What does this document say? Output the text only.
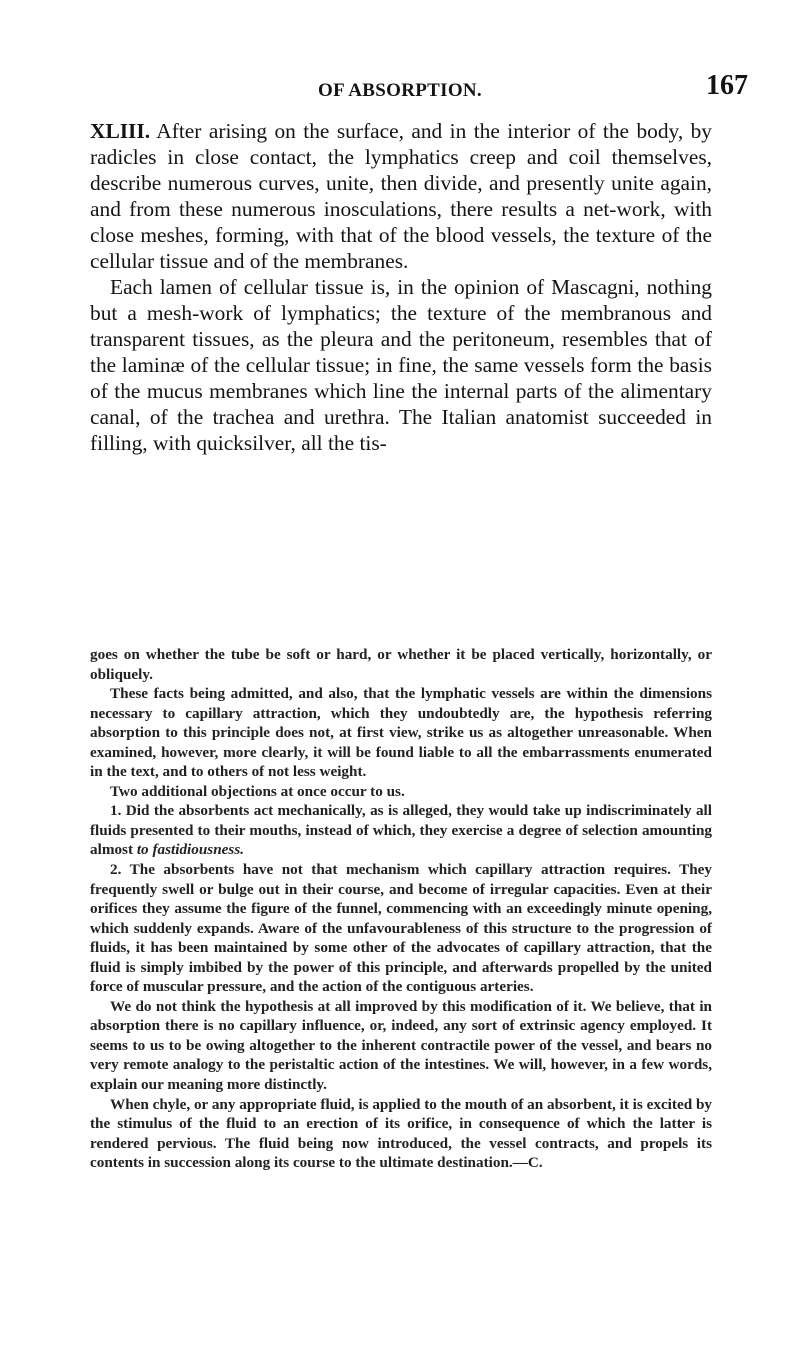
OF ABSORPTION.	167

XLIII. After arising on the surface, and in the interior of the body, by radicles in close contact, the lymphatics creep and coil themselves, describe numerous curves, unite, then divide, and presently unite again, and from these numerous inosculations, there results a net-work, with close meshes, forming, with that of the blood vessels, the texture of the cellular tissue and of the membranes.

Each lamen of cellular tissue is, in the opinion of Mascagni, nothing but a mesh-work of lymphatics; the texture of the membranous and transparent tissues, as the pleura and the peritoneum, resembles that of the laminæ of the cellular tissue; in fine, the same vessels form the basis of the mucus membranes which line the internal parts of the alimentary canal, of the trachea and urethra. The Italian anatomist succeeded in filling, with quicksilver, all the tis-

goes on whether the tube be soft or hard, or whether it be placed vertically, horizontally, or obliquely.

These facts being admitted, and also, that the lymphatic vessels are within the dimensions necessary to capillary attraction, which they undoubtedly are, the hypothesis referring absorption to this principle does not, at first view, strike us as altogether unreasonable. When examined, however, more clearly, it will be found liable to all the embarrassments enumerated in the text, and to others of not less weight.

Two additional objections at once occur to us.

1. Did the absorbents act mechanically, as is alleged, they would take up indiscriminately all fluids presented to their mouths, instead of which, they exercise a degree of selection amounting almost to fastidiousness.

2. The absorbents have not that mechanism which capillary attraction requires. They frequently swell or bulge out in their course, and become of irregular capacities. Even at their orifices they assume the figure of the funnel, commencing with an exceedingly minute opening, which suddenly expands. Aware of the unfavourableness of this structure to the progression of fluids, it has been maintained by some other of the advocates of capillary attraction, that the fluid is simply imbibed by the power of this principle, and afterwards propelled by the united force of muscular pressure, and the action of the contiguous arteries.

We do not think the hypothesis at all improved by this modification of it. We believe, that in absorption there is no capillary influence, or, indeed, any sort of extrinsic agency employed. It seems to us to be owing altogether to the inherent contractile power of the vessel, and bears no very remote analogy to the peristaltic action of the intestines. We will, however, in a few words, explain our meaning more distinctly.

When chyle, or any appropriate fluid, is applied to the mouth of an absorbent, it is excited by the stimulus of the fluid to an erection of its orifice, in consequence of which the latter is rendered pervious. The fluid being now introduced, the vessel contracts, and propels its contents in succession along its course to the ultimate destination.—C.
